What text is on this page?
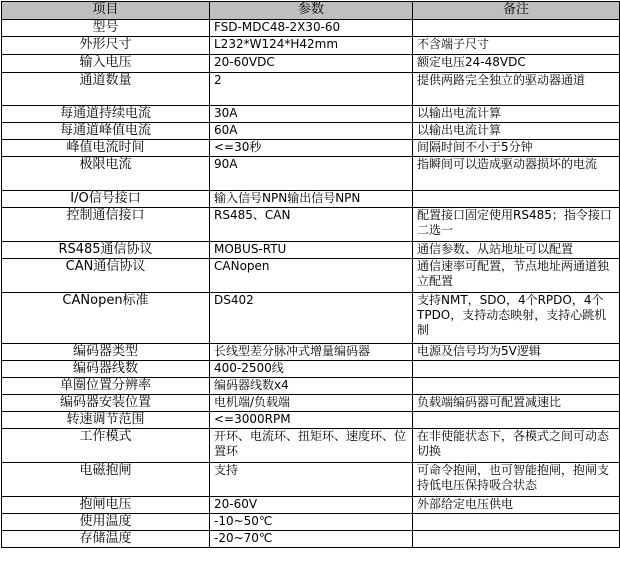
项目	参数	备注
型号	FSD-MDC48-2X30-60	
外形尺寸	L232*W124*H42mm	不含端子尺寸
输入电压	20-60VDC	额定电压24-48VDC
通道数量	2	提供两路完全独立的驱动器通道
每通道持续电流	30A	以输出电流计算
每通道峰值电流	60A	以输出电流计算
峰值电流时间	<=30秒	间隔时间不小于5分钟
极限电流	90A	指瞬间可以造成驱动器损坏的电流
I/O信号接口	输入信号NPN输出信号NPN	
控制通信接口	RS485、CAN	配置接口固定使用RS485；指令接口二选一
RS485通信协议	MOBUS-RTU	通信参数、从站地址可以配置
CAN通信协议	CANopen	通信速率可配置，节点地址两通道独立配置
CANopen标准	DS402	支持NMT，SDO，4个RPDO，4个TPDO，支持动态映射，支持心跳机制
编码器类型	长线型差分脉冲式增量编码器	电源及信号均为5V逻辑
编码器线数	400-2500线	
单圈位置分辨率	编码器线数x4	
编码器安装位置	电机端/负载端	负载端编码器可配置减速比
转速调节范围	<=3000RPM	
工作模式	开环、电流环、扭矩环、速度环、位置环	在非使能状态下，各模式之间可动态切换
电磁抱闸	支持	可命令抱闸，也可智能抱闸，抱闸支持低电压保持吸合状态
抱闸电压	20-60V	外部给定电压供电
使用温度	-10~50℃	
存储温度	-20~70℃	
